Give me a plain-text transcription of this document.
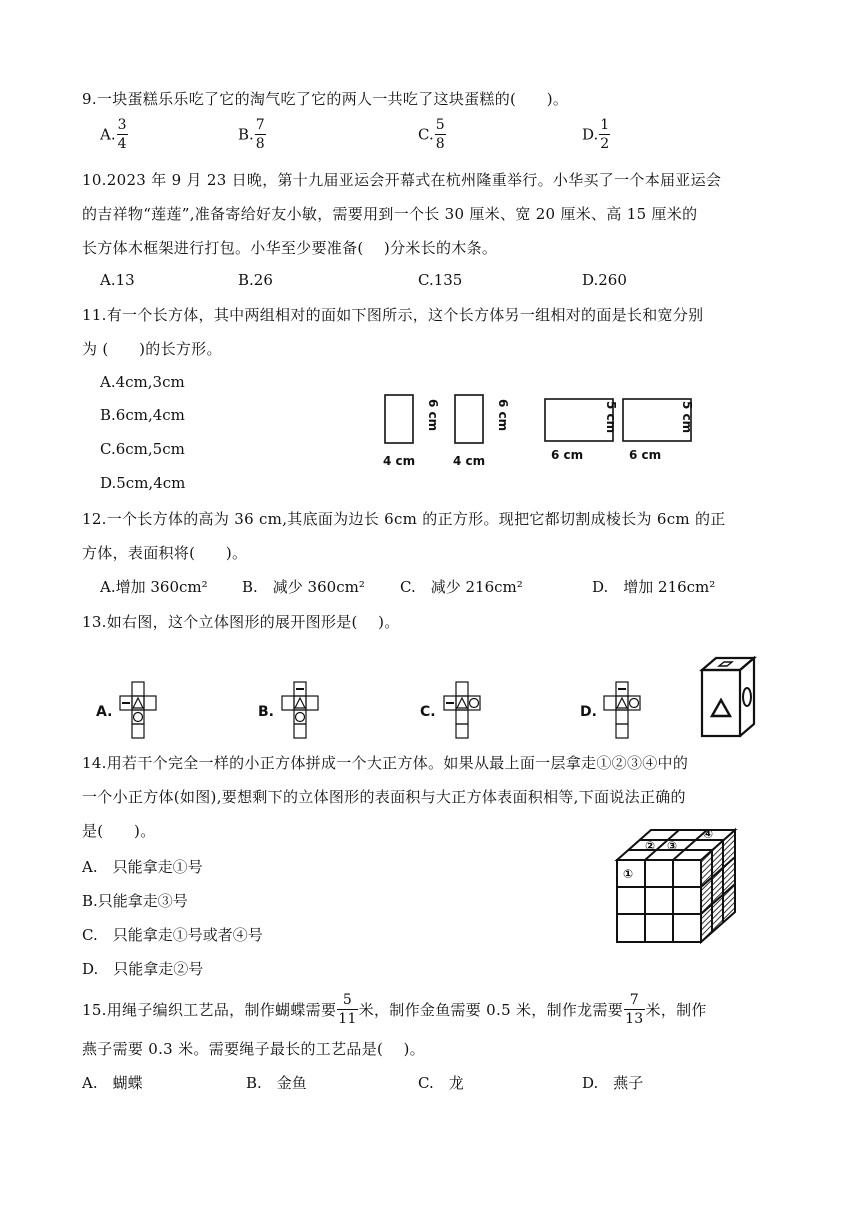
9.一块蛋糕乐乐吃了它的淘气吃了它的两人一共吃了这块蛋糕的(　　)。
A. $\frac{3}{4}$	B. $\frac{7}{8}$	C. $\frac{5}{8}$	D. $\frac{1}{2}$
10.2023 年 9 月 23 日晚，第十九届亚运会开幕式在杭州隆重举行。小华买了一个本届亚运会
的吉祥物“莲莲”,准备寄给好友小敏，需要用到一个长 30 厘米、宽 20 厘米、高 15 厘米的
长方体木框架进行打包。小华至少要准备(　 )分米长的木条。
A.13	B.26	C.135	D.260
11.有一个长方体，其中两组相对的面如下图所示，这个长方体另一组相对的面是长和宽分别
为 (　　)的长方形。
A.4cm,3cm
B.6cm,4cm
C.6cm,5cm
D.5cm,4cm
4 cm	4 cm	6 cm	6 cm
6 cm	6 cm	5 cm	5 cm
12.一个长方体的高为 36 cm,其底面为边长 6cm 的正方形。现把它都切割成棱长为 6cm 的正
方体，表面积将(　　)。
A.增加 360cm² B.　减少 360cm² C.　减少 216cm²	D.　增加 216cm²
13.如右图，这个立体图形的展开图形是(　 )。
A.	B.	C.	D.
14.用若干个完全一样的小正方体拼成一个大正方体。如果从最上面一层拿走①②③④中的
一个小正方体(如图),要想剩下的立体图形的表面积与大正方体表面积相等,下面说法正确的
是(　　)。
A.　只能拿走①号
B.只能拿走③号
C.　只能拿走①号或者④号
D.　只能拿走②号
①
② ③
④
15.用绳子编织工艺品，制作蝴蝶需要 $\frac{5}{11}$ 米，制作金鱼需要 0.5 米，制作龙需要 $\frac{7}{13}$ 米，制作
燕子需要 0.3 米。需要绳子最长的工艺品是(　 )。
A.　蝴蝶	B.　金鱼	C.　龙	D.　燕子
